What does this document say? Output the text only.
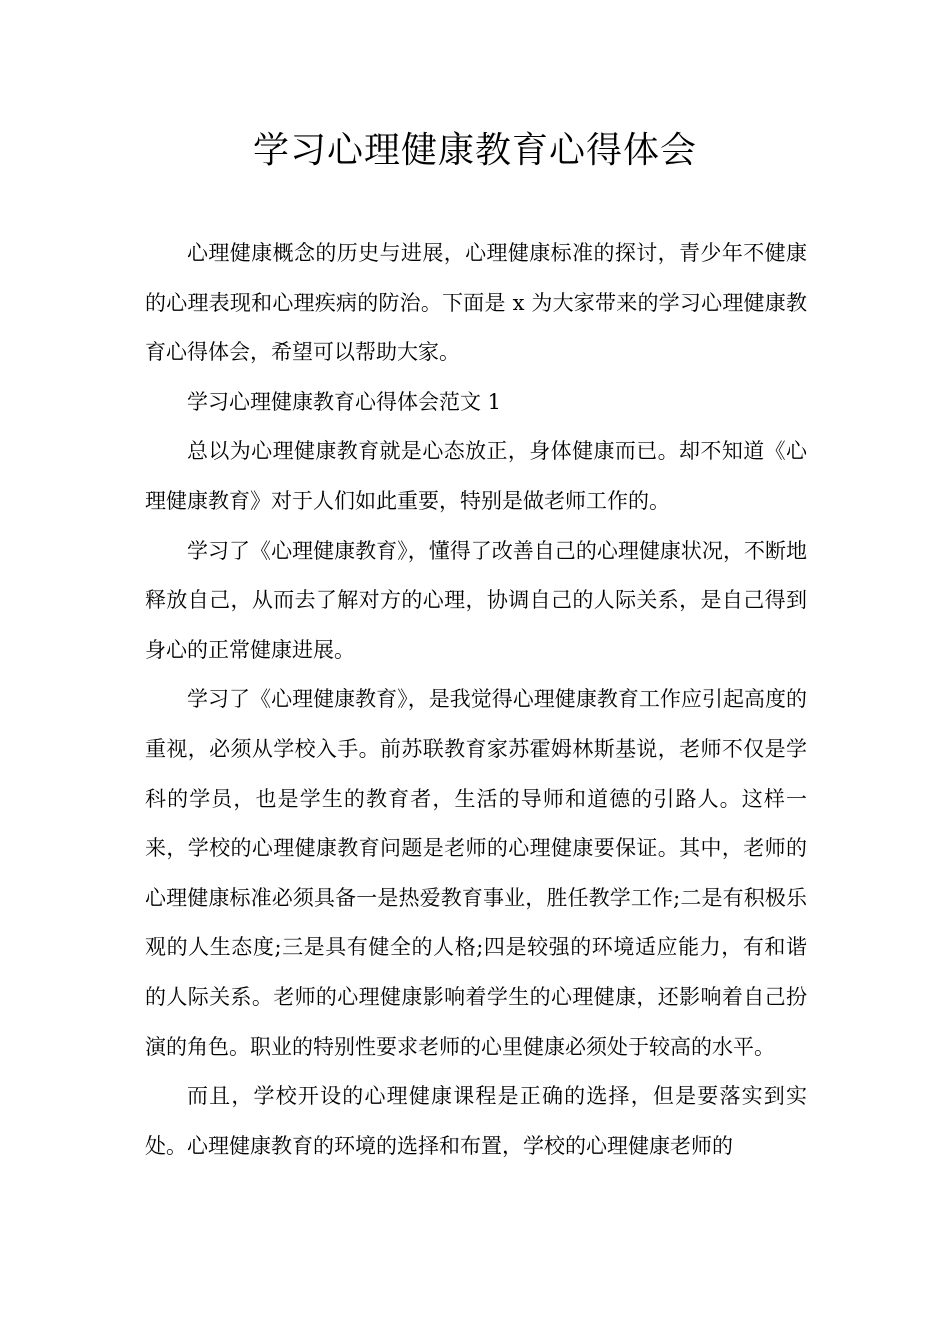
学习心理健康教育心得体会

心理健康概念的历史与进展，心理健康标准的探讨，青少年不健康的心理表现和心理疾病的防治。下面是 x 为大家带来的学习心理健康教育心得体会，希望可以帮助大家。

学习心理健康教育心得体会范文 1

总以为心理健康教育就是心态放正，身体健康而已。却不知道《心理健康教育》对于人们如此重要，特别是做老师工作的。

学习了《心理健康教育》，懂得了改善自己的心理健康状况，不断地释放自己，从而去了解对方的心理，协调自己的人际关系，是自己得到身心的正常健康进展。

学习了《心理健康教育》，是我觉得心理健康教育工作应引起高度的重视，必须从学校入手。前苏联教育家苏霍姆林斯基说，老师不仅是学科的学员，也是学生的教育者，生活的导师和道德的引路人。这样一来，学校的心理健康教育问题是老师的心理健康要保证。其中，老师的心理健康标准必须具备一是热爱教育事业，胜任教学工作;二是有积极乐观的人生态度;三是具有健全的人格;四是较强的环境适应能力，有和谐的人际关系。老师的心理健康影响着学生的心理健康，还影响着自己扮演的角色。职业的特别性要求老师的心里健康必须处于较高的水平。

而且，学校开设的心理健康课程是正确的选择，但是要落实到实处。心理健康教育的环境的选择和布置，学校的心理健康老师的
